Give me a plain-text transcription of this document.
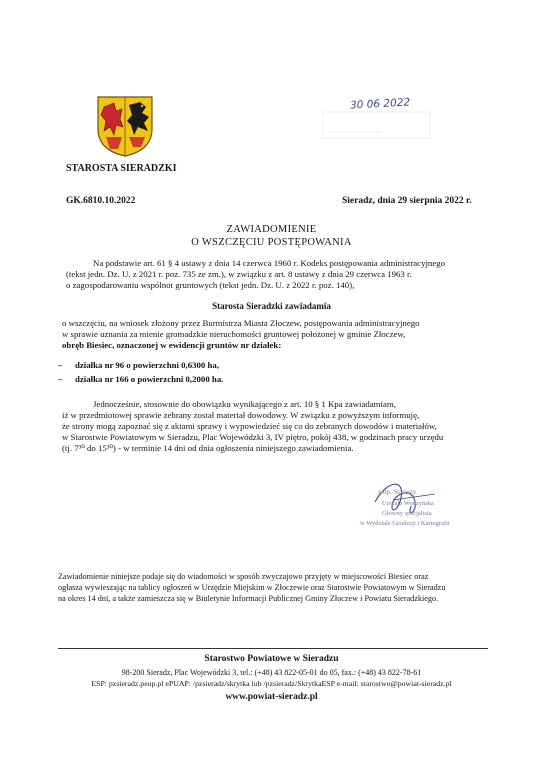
STAROSTA SIERADZKI
30 06 2022
GK.6810.10.2022	Sieradz, dnia 29 sierpnia 2022 r.
ZAWIADOMIENIE
O WSZCZĘCIU POSTĘPOWANIA
Na podstawie art. 61 § 4 ustawy z dnia 14 czerwca 1960 r. Kodeks postępowania administracyjnego
(tekst jedn. Dz. U. z 2021 r. poz. 735 ze zm.), w związku z art. 8 ustawy z dnia 29 czerwca 1963 r.
o zagospodarowaniu wspólnot gruntowych (tekst jedn. Dz. U. z 2022 r. poz. 140),
Starosta Sieradzki zawiadamia
o wszczęciu, na wniosek złożony przez Burmistrza Miasta Złoczew, postępowania administracyjnego
w sprawie uznania za mienie gromadzkie nieruchomości gruntowej położonej w gminie Złoczew,
obręb Biesiec, oznaczonej w ewidencji gruntów nr działek:
– działka nr 96 o powierzchni 0,6300 ha,
– działka nr 166 o powierzchni 0,2000 ha.
Jednocześnie, stosownie do obowiązku wynikającego z art. 10 § 1 Kpa zawiadamiam,
iż w przedmiotowej sprawie zebrany został materiał dowodowy. W związku z powyższym informuję,
że strony mogą zapoznać się z aktami sprawy i wypowiedzieć się co do zebranych dowodów i materiałów,
w Starostwie Powiatowym w Sieradzu, Plac Wojewódzki 3, IV piętro, pokój 438, w godzinach pracy urzędu
(tj. 7³⁰ do 15³⁰) - w terminie 14 dni od dnia ogłoszenia niniejszego zawiadomienia.
z up. Starosty
Urszula Wodzyńska
Główny specjalista
w Wydziale Geodezji i Kartografii
Zawiadomienie niniejsze podaje się do wiadomości w sposób zwyczajowo przyjęty w miejscowości Biesiec oraz
ogłasza wywieszając na tablicy ogłoszeń w Urzędzie Miejskim w Złoczewie oraz Starostwie Powiatowym w Sieradzu
na okres 14 dni, a także zamieszcza się w Biuletynie Informacji Publicznej Gminy Złoczew i Powiatu Sieradzkiego.
Starostwo Powiatowe w Sieradzu
98-200 Sieradz, Plac Wojewódzki 3, tel.: (+48) 43 822-05-01 do 05, fax.: (+48) 43 822-78-61
ESP: pzsieradz.peup.pl ePUAP: /pzsieradz/skrytka lub /pzsieradz/SkrytkaESP e-mail: starostwo@powiat-sieradz.pl
www.powiat-sieradz.pl
